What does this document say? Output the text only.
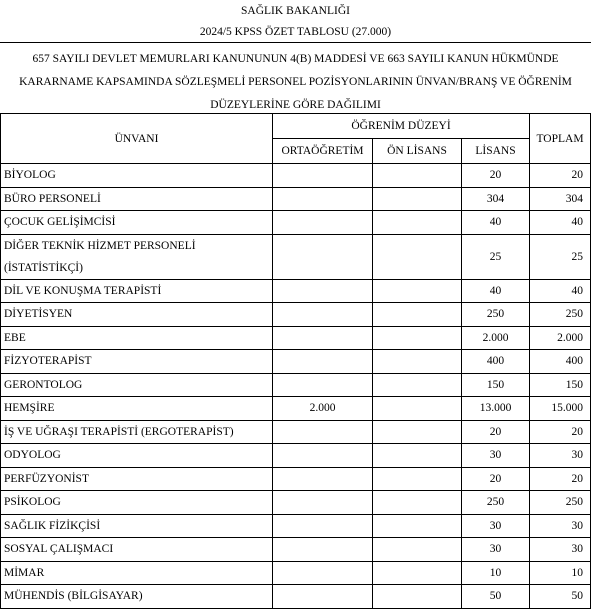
SAĞLIK BAKANLIĞI
2024/5 KPSS ÖZET TABLOSU (27.000)
657 SAYILI DEVLET MEMURLARI KANUNUNUN 4(B) MADDESİ VE 663 SAYILI KANUN HÜKMÜNDE
KARARNAME KAPSAMINDA SÖZLEŞMELİ PERSONEL POZİSYONLARININ ÜNVAN/BRANŞ VE ÖĞRENİM
DÜZEYLERİNE GÖRE DAĞILIMI
ÜNVANI	ÖĞRENİM DÜZEYİ			TOPLAM
	ORTAÖĞRETİM	ÖN LİSANS	LİSANS	

BİYOLOG			20	20

BÜRO PERSONELİ			304	304

ÇOCUK GELİŞİMCİSİ			40	40

DİĞER TEKNİK HİZMET PERSONELİ
(İSTATİSTİKÇİ)			25	25

DİL VE KONUŞMA TERAPİSTİ			40	40

DİYETİSYEN			250	250

EBE			2.000	2.000

FİZYOTERAPİST			400	400

GERONTOLOG			150	150

HEMŞİRE	2.000		13.000	15.000

İŞ VE UĞRAŞI TERAPİSTİ (ERGOTERAPİST)			20	20

ODYOLOG			30	30

PERFÜZYONİST			20	20

PSİKOLOG			250	250

SAĞLIK FİZİKÇİSİ			30	30

SOSYAL ÇALIŞMACI			30	30

MİMAR			10	10

MÜHENDİS (BİLGİSAYAR)			50	50
